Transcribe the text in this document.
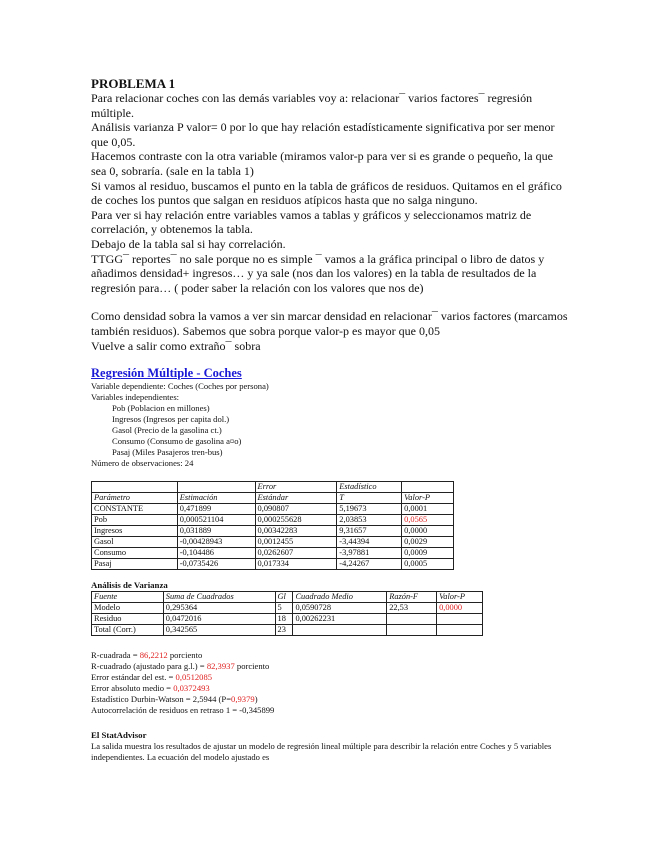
PROBLEMA 1

Para relacionar coches con las demás variables voy a: relacionar¯ varios factores¯ regresión múltiple.

Análisis varianza P valor= 0 por lo que hay relación estadísticamente significativa por ser menor que 0,05.

Hacemos contraste con la otra variable (miramos valor-p para ver si es grande o pequeño, la que sea 0, sobraría. (sale en la tabla 1)

Si vamos al residuo, buscamos el punto en la tabla de gráficos de residuos. Quitamos en el gráfico de coches los puntos que salgan en residuos atípicos hasta que no salga ninguno.

Para ver si hay relación entre variables vamos a tablas y gráficos y seleccionamos matriz de correlación, y obtenemos la tabla.

Debajo de la tabla sal si hay correlación.

TTGG¯ reportes¯ no sale porque no es simple ¯ vamos a la gráfica principal o libro de datos y añadimos densidad+ ingresos… y ya sale (nos dan los valores) en la tabla de resultados de la regresión para… ( poder saber la relación con los valores que nos de)

Como densidad sobra la vamos a ver sin marcar densidad en relacionar¯ varios factores (marcamos también residuos). Sabemos que sobra porque valor-p es mayor que 0,05

Vuelve a salir como extraño¯ sobra

Regresión Múltiple - Coches

Variable dependiente: Coches (Coches por persona)

Variables independientes:

Pob (Poblacion en millones)

Ingresos (Ingresos per capita dol.)

Gasol (Precio de la gasolina ct.)

Consumo (Consumo de gasolina a¤o)

Pasaj (Miles Pasajeros tren-bus)

Número de observaciones: 24

		Error	Estadístico	
Parámetro	Estimación	Estándar	T	Valor-P
CONSTANTE	0,471899	0,090807	5,19673	0,0001
Pob	0,000521104	0,000255628	2,03853	0,0565
Ingresos	0,031889	0,00342283	9,31657	0,0000
Gasol	-0,00428943	0,0012455	-3,44394	0,0029
Consumo	-0,104486	0,0262607	-3,97881	0,0009
Pasaj	-0,0735426	0,017334	-4,24267	0,0005
Análisis de Varianza
Fuente	Suma de Cuadrados	Gl	Cuadrado Medio	Razón-F	Valor-P
Modelo	0,295364	5	0,0590728	22,53	0,0000
Residuo	0,0472016	18	0,00262231		
Total (Corr.)	0,342565	23			

R-cuadrada = 86,2212 porciento

R-cuadrado (ajustado para g.l.) = 82,3937 porciento

Error estándar del est. = 0,0512085

Error absoluto medio = 0,0372493

Estadístico Durbin-Watson = 2,5944 (P=0,9379)

Autocorrelación de residuos en retraso 1 = -0,345899

El StatAdvisor
La salida muestra los resultados de ajustar un modelo de regresión lineal múltiple para describir la relación entre Coches y 5 variables independientes. La ecuación del modelo ajustado es
